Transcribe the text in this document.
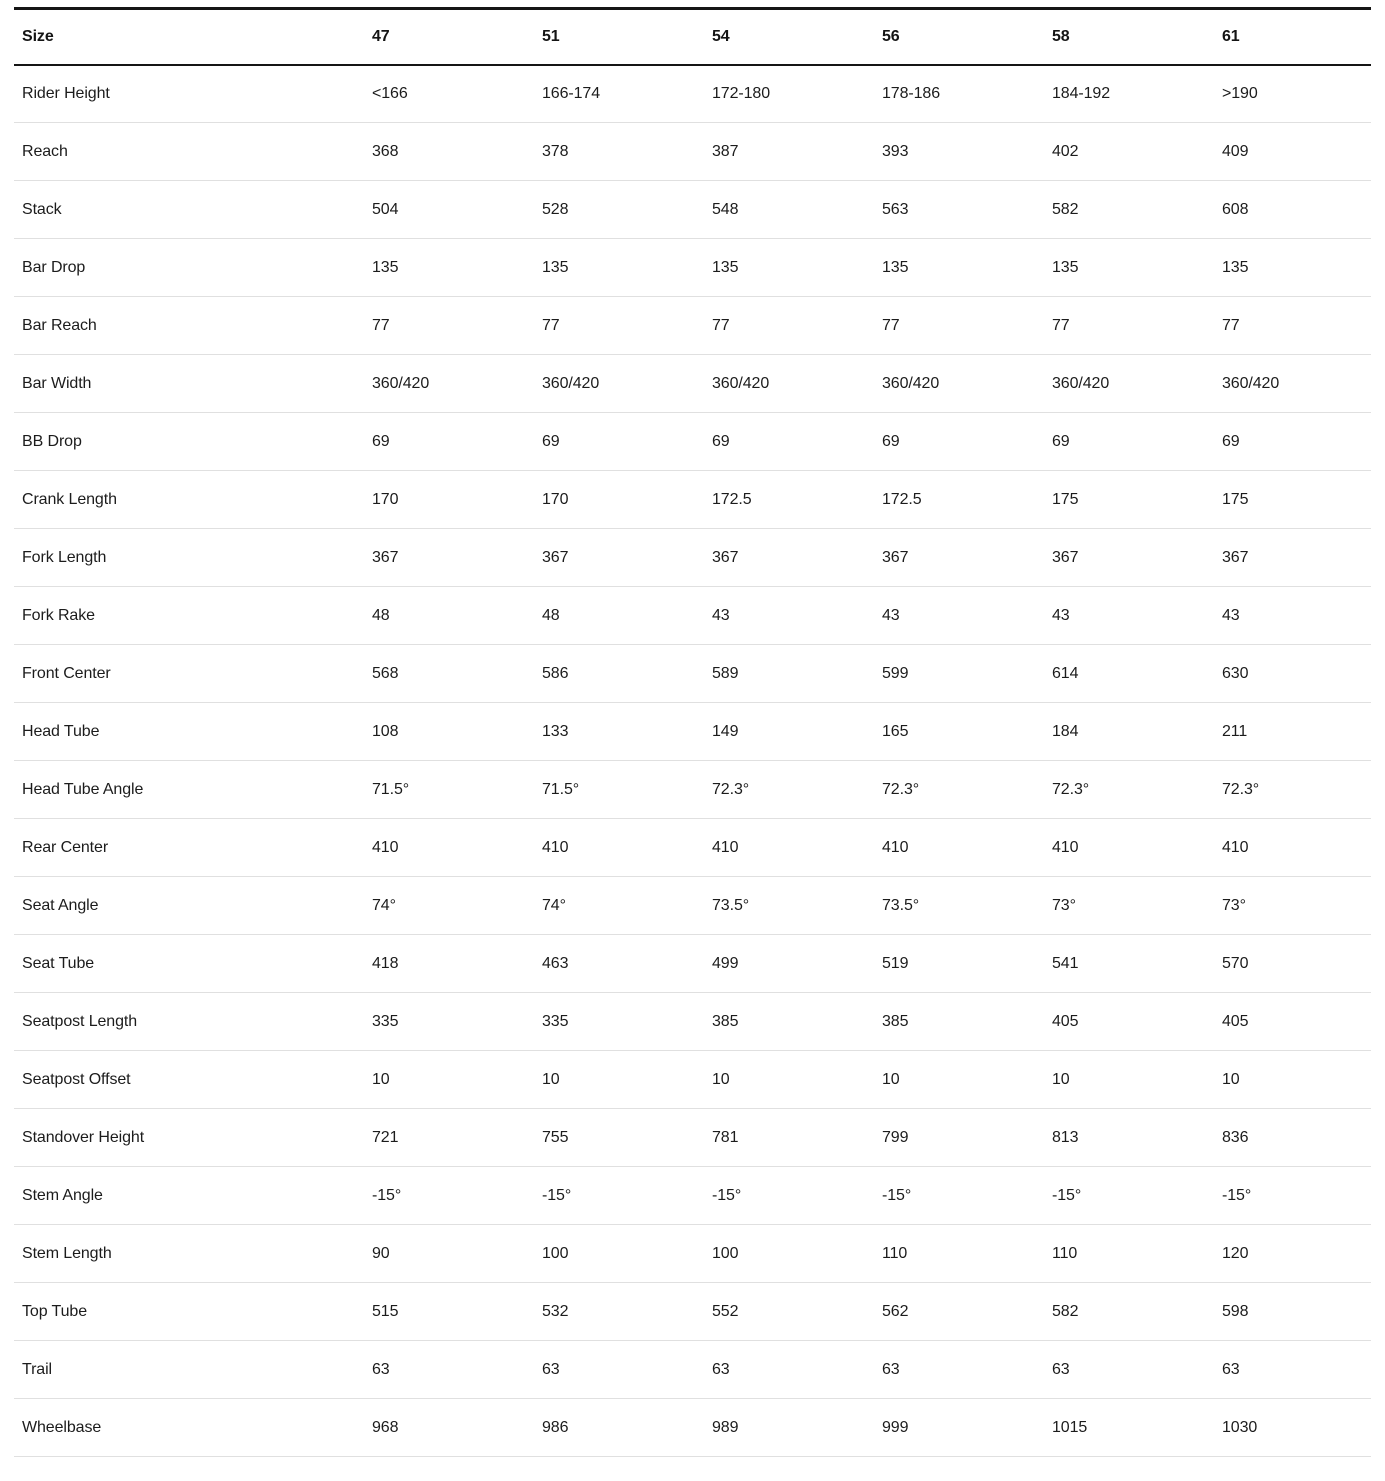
Size	47	51	54	56	58	61
Rider Height	<166	166-174	172-180	178-186	184-192	>190
Reach	368	378	387	393	402	409
Stack	504	528	548	563	582	608
Bar Drop	135	135	135	135	135	135
Bar Reach	77	77	77	77	77	77
Bar Width	360/420	360/420	360/420	360/420	360/420	360/420
BB Drop	69	69	69	69	69	69
Crank Length	170	170	172.5	172.5	175	175
Fork Length	367	367	367	367	367	367
Fork Rake	48	48	43	43	43	43
Front Center	568	586	589	599	614	630
Head Tube	108	133	149	165	184	211
Head Tube Angle	71.5°	71.5°	72.3°	72.3°	72.3°	72.3°
Rear Center	410	410	410	410	410	410
Seat Angle	74°	74°	73.5°	73.5°	73°	73°
Seat Tube	418	463	499	519	541	570
Seatpost Length	335	335	385	385	405	405
Seatpost Offset	10	10	10	10	10	10
Standover Height	721	755	781	799	813	836
Stem Angle	-15°	-15°	-15°	-15°	-15°	-15°
Stem Length	90	100	100	110	110	120
Top Tube	515	532	552	562	582	598
Trail	63	63	63	63	63	63
Wheelbase	968	986	989	999	1015	1030
